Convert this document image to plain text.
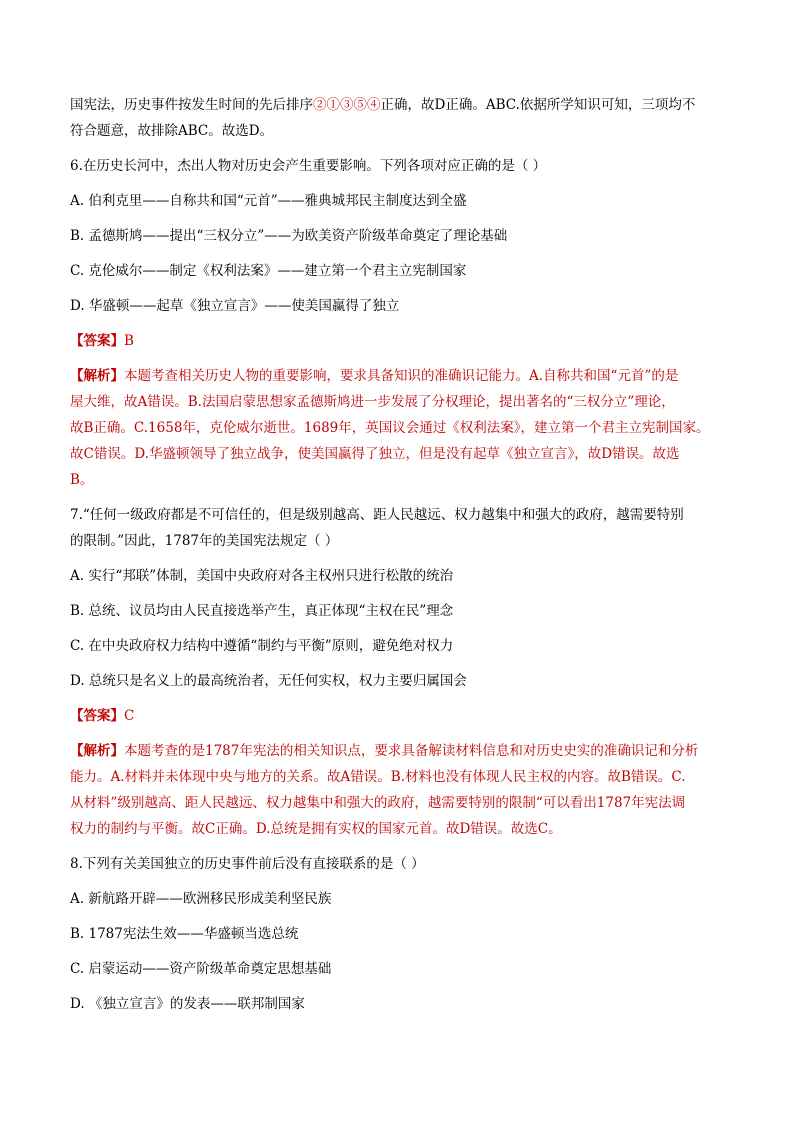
国宪法，历史事件按发生时间的先后排序②①③⑤④正确，故D正确。ABC.依据所学知识可知，三项均不

符合题意，故排除ABC。故选D。

6.在历史长河中，杰出人物对历史会产生重要影响。下列各项对应正确的是（ ）

A. 伯利克里——自称共和国“元首”——雅典城邦民主制度达到全盛

B. 孟德斯鸠——提出“三权分立”——为欧美资产阶级革命奠定了理论基础

C. 克伦威尔——制定《权利法案》——建立第一个君主立宪制国家

D. 华盛顿——起草《独立宣言》——使美国赢得了独立

【答案】B

【解析】本题考查相关历史人物的重要影响，要求具备知识的准确识记能力。A.自称共和国“元首”的是

屋大维，故A错误。B.法国启蒙思想家孟德斯鸠进一步发展了分权理论，提出著名的“三权分立”理论，

故B正确。C.1658年，克伦威尔逝世。1689年，英国议会通过《权利法案》，建立第一个君主立宪制国家。

故C错误。D.华盛顿领导了独立战争，使美国赢得了独立，但是没有起草《独立宣言》，故D错误。故选

B。

7.“任何一级政府都是不可信任的，但是级别越高、距人民越远、权力越集中和强大的政府，越需要特别

的限制。”因此，1787年的美国宪法规定（ ）

A. 实行“邦联”体制，美国中央政府对各主权州只进行松散的统治

B. 总统、议员均由人民直接选举产生，真正体现“主权在民”理念

C. 在中央政府权力结构中遵循“制约与平衡”原则，避免绝对权力

D. 总统只是名义上的最高统治者，无任何实权，权力主要归属国会

【答案】C

【解析】本题考查的是1787年宪法的相关知识点，要求具备解读材料信息和对历史史实的准确识记和分析

能力。A.材料并未体现中央与地方的关系。故A错误。B.材料也没有体现人民主权的内容。故B错误。C.

从材料”级别越高、距人民越远、权力越集中和强大的政府，越需要特别的限制“可以看出1787年宪法调

权力的制约与平衡。故C正确。D.总统是拥有实权的国家元首。故D错误。故选C。

8.下列有关美国独立的历史事件前后没有直接联系的是（ ）

A. 新航路开辟——欧洲移民形成美利坚民族

B. 1787宪法生效——华盛顿当选总统

C. 启蒙运动——资产阶级革命奠定思想基础

D. 《独立宣言》的发表——联邦制国家
